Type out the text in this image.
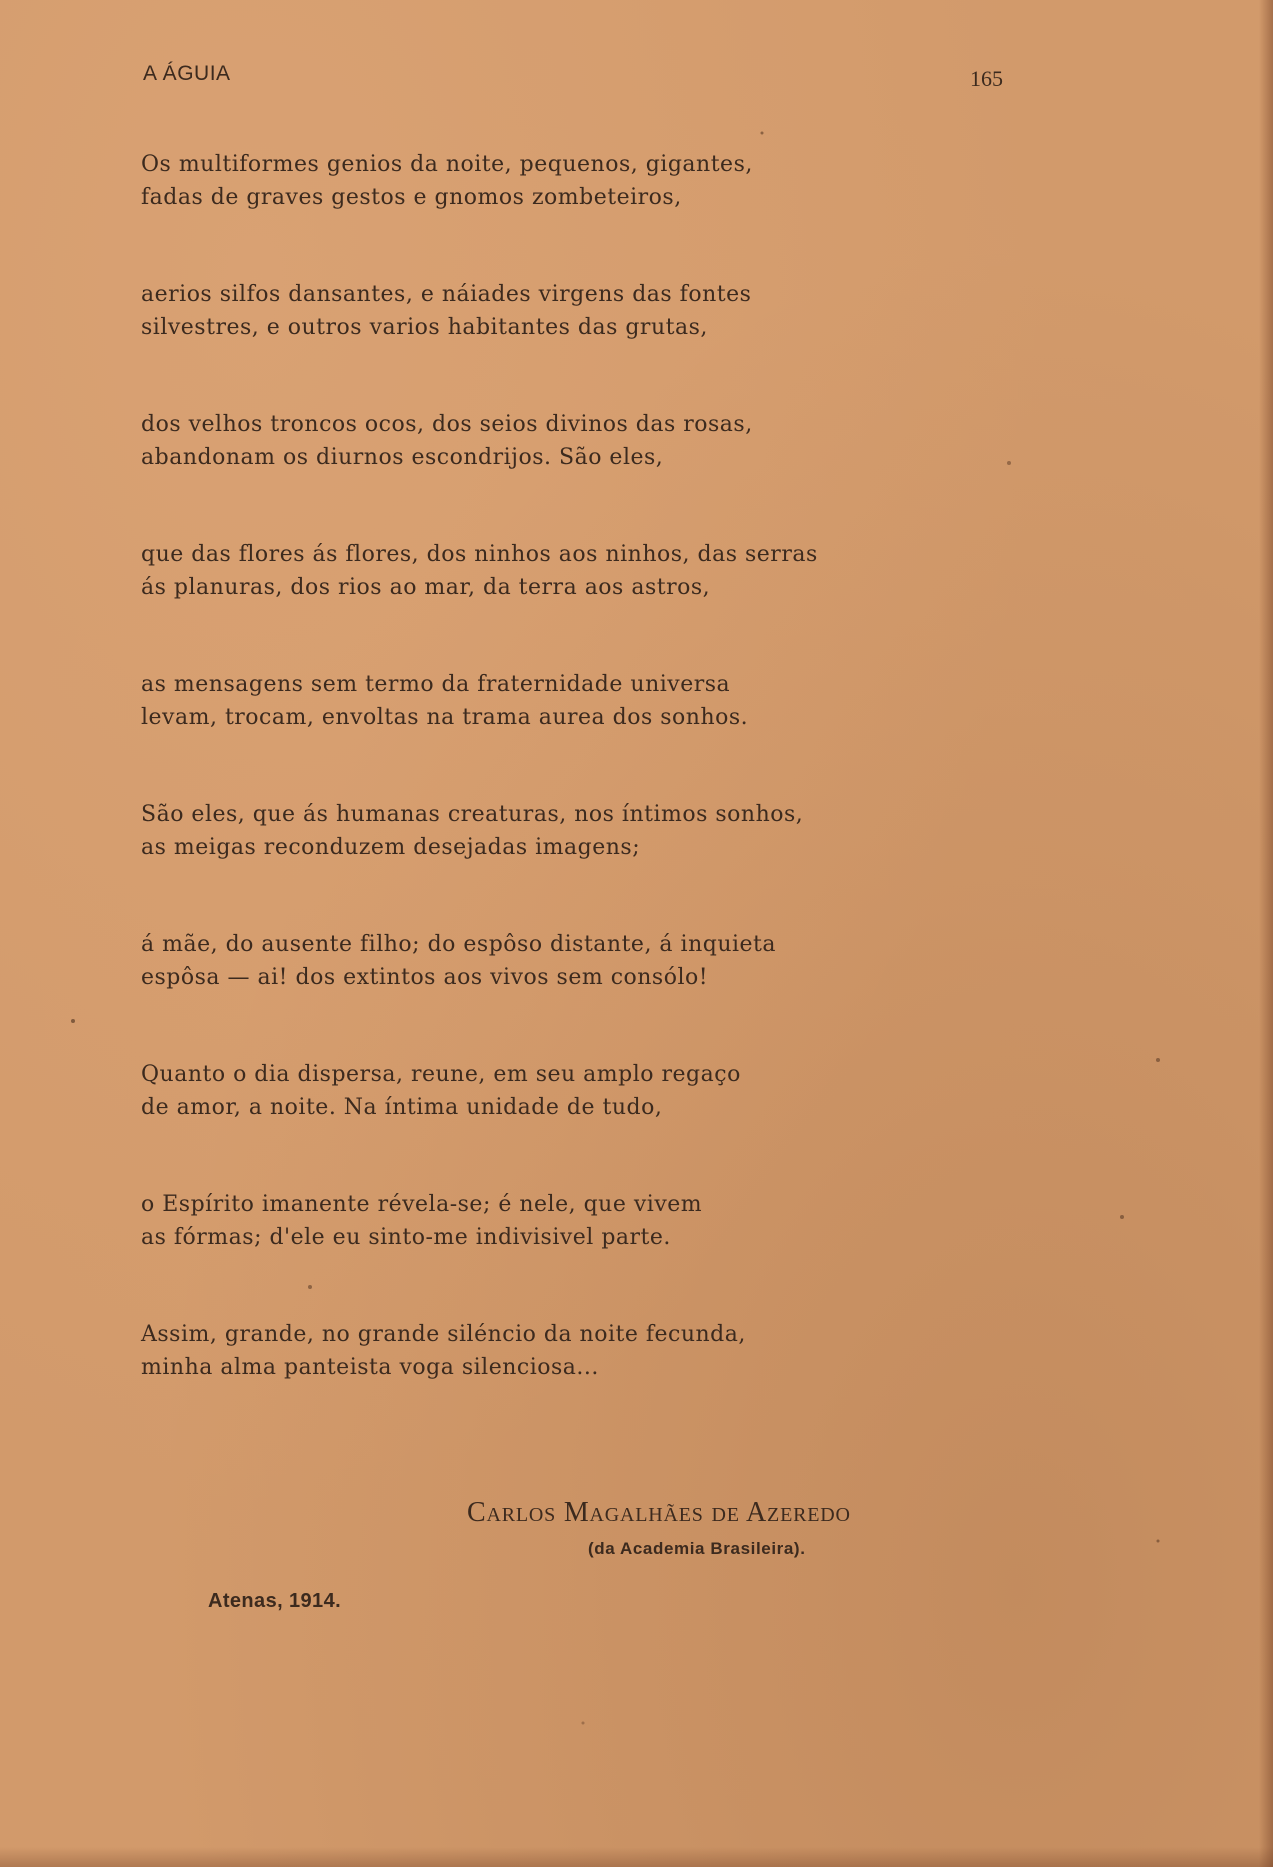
A ÁGUIA	165
Os multiformes genios da noite, pequenos, gigantes,
fadas de graves gestos e gnomos zombeteiros,
aerios silfos dansantes, e náiades virgens das fontes
silvestres, e outros varios habitantes das grutas,
dos velhos troncos ocos, dos seios divinos das rosas,
abandonam os diurnos escondrijos. São eles,
que das flores ás flores, dos ninhos aos ninhos, das serras
ás planuras, dos rios ao mar, da terra aos astros,
as mensagens sem termo da fraternidade universa
levam, trocam, envoltas na trama aurea dos sonhos.
São eles, que ás humanas creaturas, nos íntimos sonhos,
as meigas reconduzem desejadas imagens;
á mãe, do ausente filho; do espôso distante, á inquieta
espôsa — ai! dos extintos aos vivos sem consólo!
Quanto o dia dispersa, reune, em seu amplo regaço
de amor, a noite. Na íntima unidade de tudo,
o Espírito imanente révela-se; é nele, que vivem
as fórmas; d'ele eu sinto-me indivisivel parte.
Assim, grande, no grande siléncio da noite fecunda,
minha alma panteista voga silenciosa...
Carlos Magalhães de Azeredo
(da Academia Brasileira).
Atenas, 1914.
